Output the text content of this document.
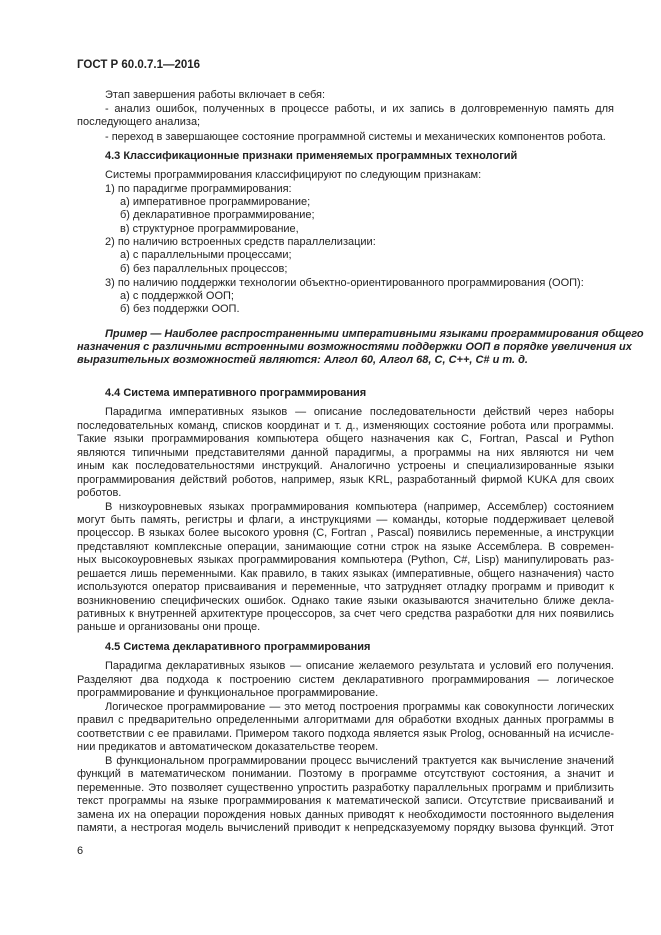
ГОСТ Р 60.0.7.1—2016
Этап завершения работы включает в себя:
- анализ ошибок, полученных в процессе работы, и их запись в долговременную память для
последующего анализа;
- переход в завершающее состояние программной системы и механических компонентов робота.
4.3 Классификационные признаки применяемых программных технологий
Системы программирования классифицируют по следующим признакам:
1) по парадигме программирования:
а) императивное программирование;
б) декларативное программирование;
в) структурное программирование,
2) по наличию встроенных средств параллелизации:
а) с параллельными процессами;
б) без параллельных процессов;
3) по наличию поддержки технологии объектно-ориентированного программирования (ООП):
а) с поддержкой ООП;
б) без поддержки ООП.
Пример — Наиболее распространенными императивными языками программирования общего
назначения с различными встроенными возможностями поддержки ООП в порядке увеличения их
выразительных возможностей являются: Алгол 60, Алгол 68, С, С++, С# и т. д.
4.4 Система императивного программирования
Парадигма императивных языков — описание последовательности действий через наборы
последовательных команд, списков координат и т. д., изменяющих состояние робота или программы.
Такие языки программирования компьютера общего назначения как C, Fortran, Pascal и Python
являются типичными представителями данной парадигмы, а программы на них являются ни чем
иным как последовательностями инструкций. Аналогично устроены и специализированные языки
программирования действий роботов, например, язык KRL, разработанный фирмой KUKA для своих
роботов.
В низкоуровневых языках программирования компьютера (например, Ассемблер) состоянием
могут быть память, регистры и флаги, а инструкциями — команды, которые поддерживает целевой
процессор. В языках более высокого уровня (C, Fortran , Pascal) появились переменные, а инструкции
представляют комплексные операции, занимающие сотни строк на языке Ассемблера. В современ-
ных высокоуровневых языках программирования компьютера (Python, C#, Lisp) манипулировать раз-
решается лишь переменными. Как правило, в таких языках (императивные, общего назначения) часто
используются оператор присваивания и переменные, что затрудняет отладку программ и приводит к
возникновению специфических ошибок. Однако такие языки оказываются значительно ближе декла-
ративных к внутренней архитектуре процессоров, за счет чего средства разработки для них появились
раньше и организованы они проще.
4.5 Система декларативного программирования
Парадигма декларативных языков — описание желаемого результата и условий его получения.
Разделяют два подхода к построению систем декларативного программирования — логическое
программирование и функциональное программирование.
Логическое программирование — это метод построения программы как совокупности логических
правил с предварительно определенными алгоритмами для обработки входных данных программы в
соответствии с ее правилами. Примером такого подхода является язык Prolog, основанный на исчисле-
нии предикатов и автоматическом доказательстве теорем.
В функциональном программировании процесс вычислений трактуется как вычисление значений
функций в математическом понимании. Поэтому в программе отсутствуют состояния, а значит и
переменные. Это позволяет существенно упростить разработку параллельных программ и приблизить
текст программы на языке программирования к математической записи. Отсутствие присваиваний и
замена их на операции порождения новых данных приводят к необходимости постоянного выделения
памяти, а нестрогая модель вычислений приводит к непредсказуемому порядку вызова функций. Этот
6
